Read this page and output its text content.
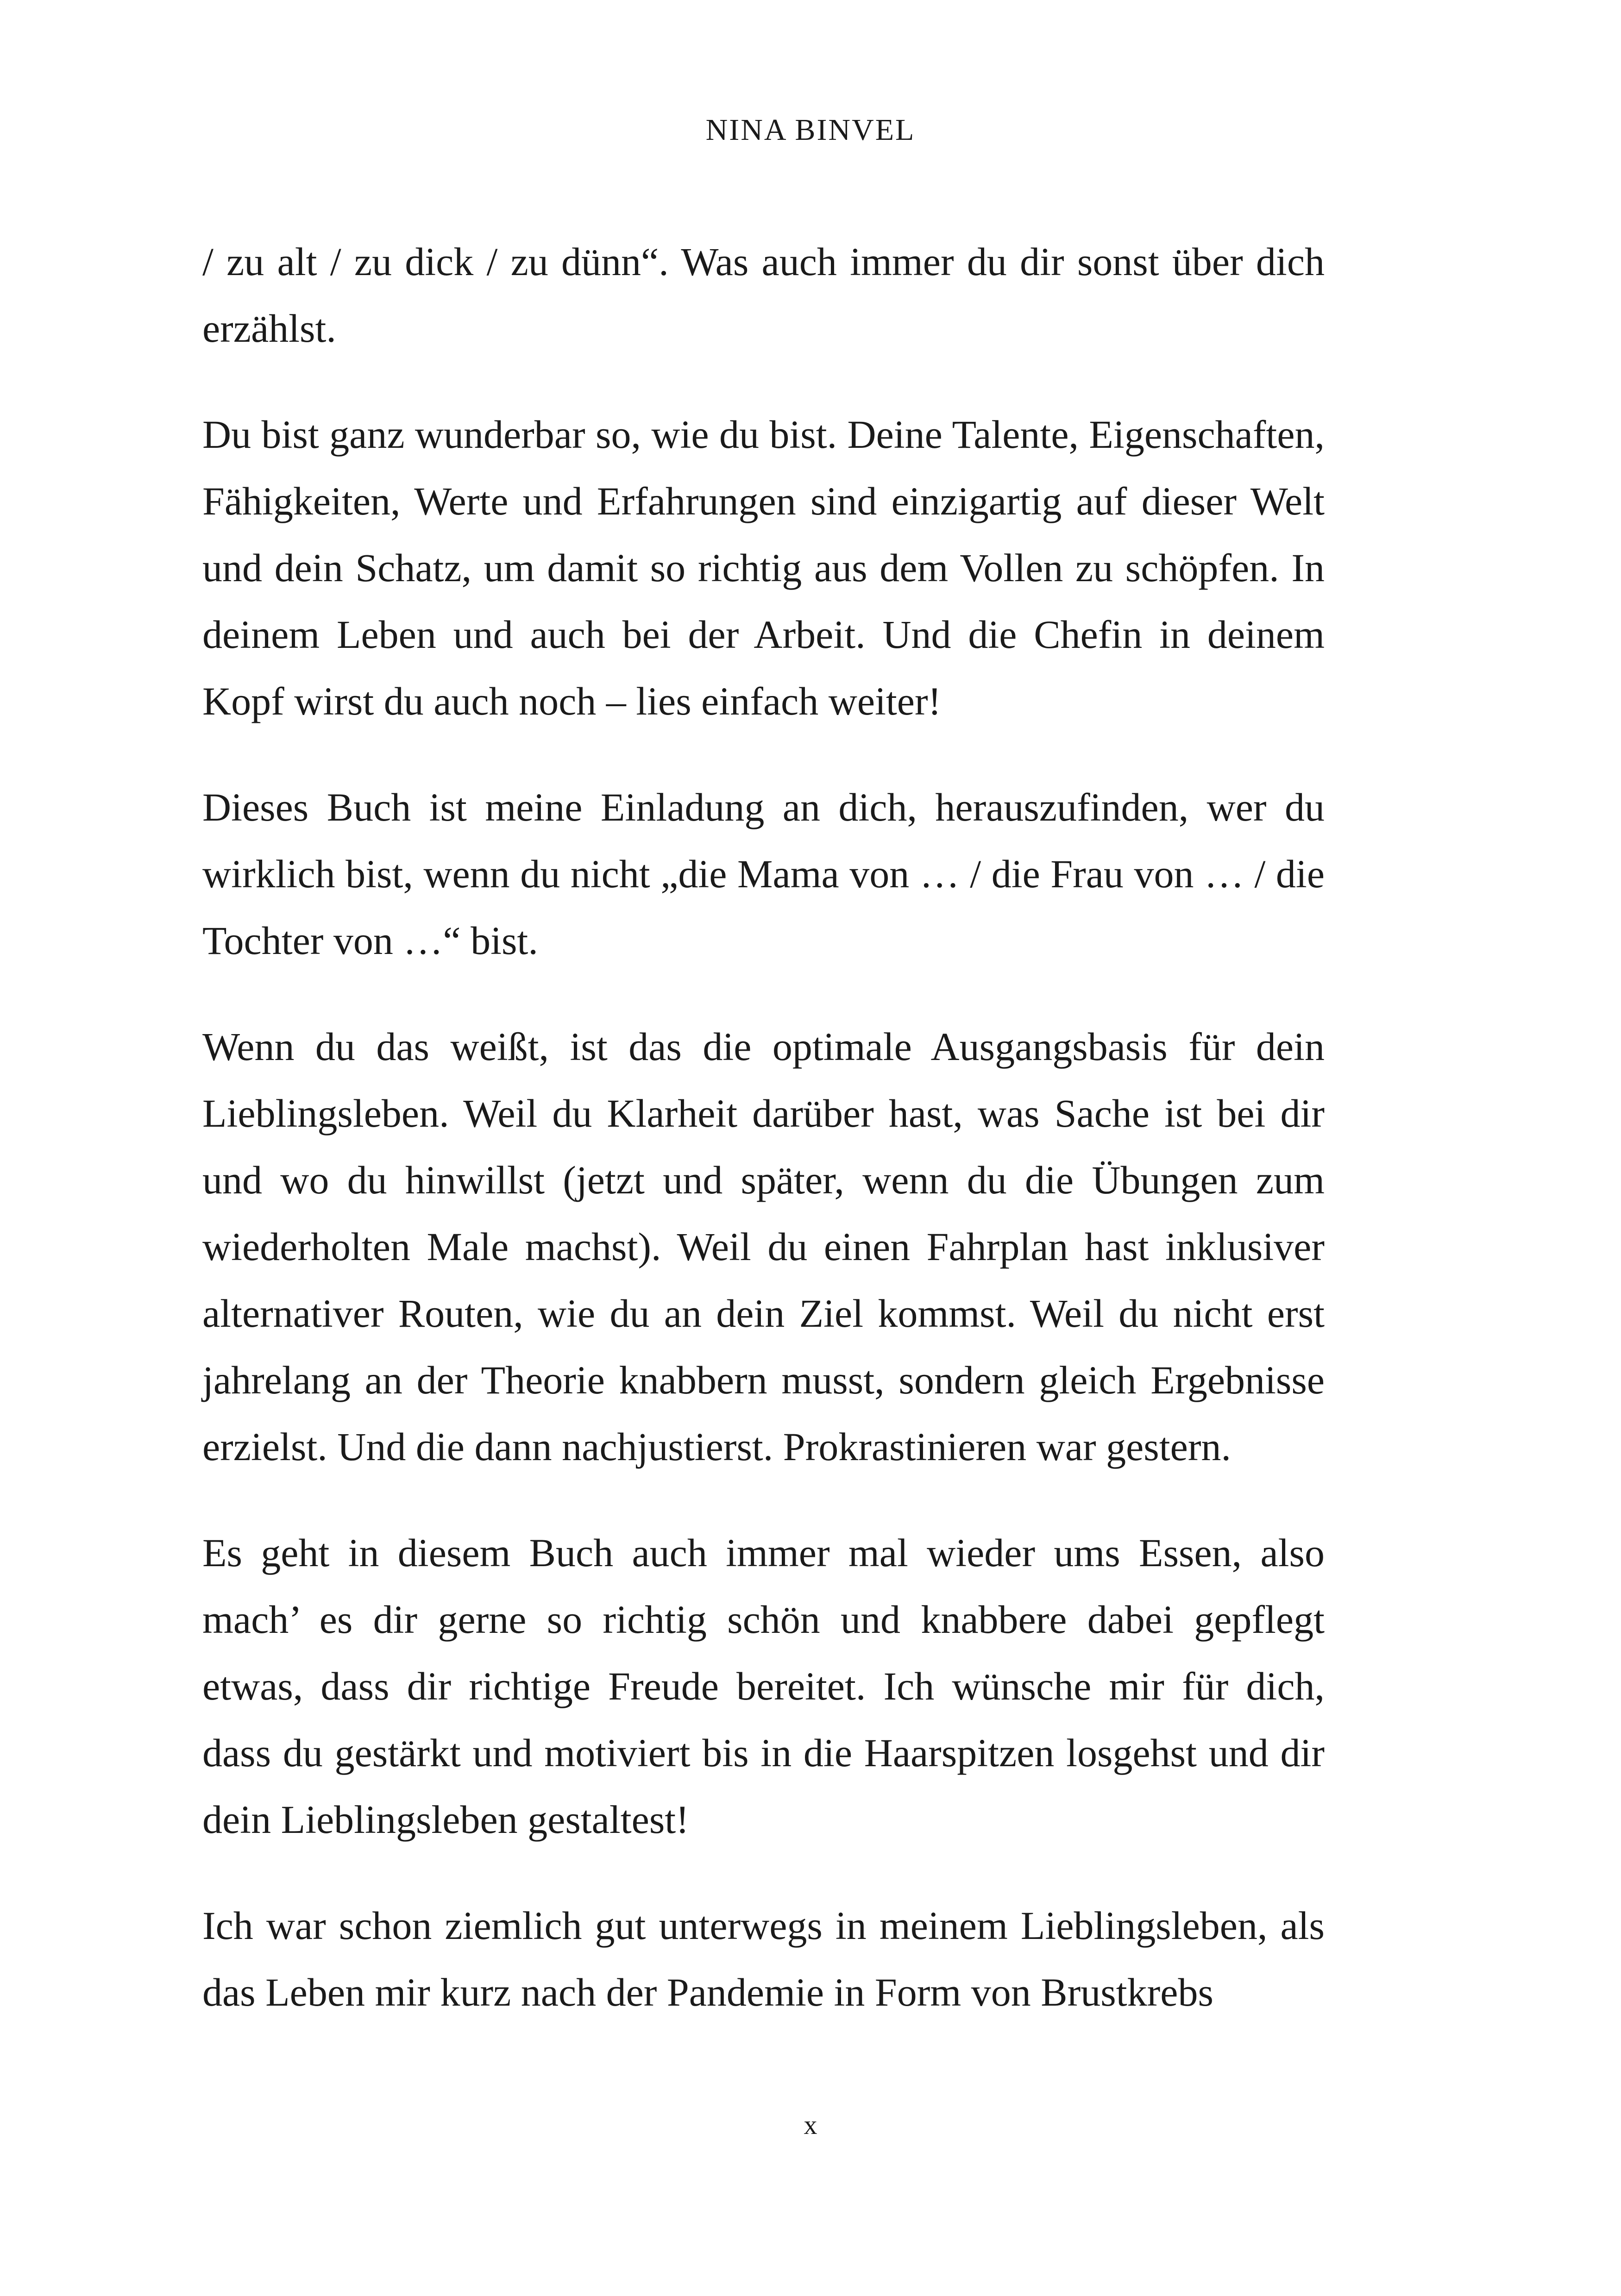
NINA BINVEL

/ zu alt / zu dick / zu dünn“. Was auch immer du dir sonst über dich erzählst.

Du bist ganz wunderbar so, wie du bist. Deine Talente, Eigenschaften, Fähigkeiten, Werte und Erfahrungen sind einzigartig auf dieser Welt und dein Schatz, um damit so richtig aus dem Vollen zu schöpfen. In deinem Leben und auch bei der Arbeit. Und die Chefin in deinem Kopf wirst du auch noch – lies einfach weiter!

Dieses Buch ist meine Einladung an dich, herauszufinden, wer du wirklich bist, wenn du nicht „die Mama von … / die Frau von … / die Tochter von …“ bist.

Wenn du das weißt, ist das die optimale Ausgangsbasis für dein Lieblingsleben. Weil du Klarheit darüber hast, was Sache ist bei dir und wo du hinwillst (jetzt und später, wenn du die Übungen zum wiederholten Male machst). Weil du einen Fahrplan hast inklusiver alternativer Routen, wie du an dein Ziel kommst. Weil du nicht erst jahrelang an der Theorie knabbern musst, sondern gleich Ergebnisse erzielst. Und die dann nachjustierst. Prokrastinieren war gestern.

Es geht in diesem Buch auch immer mal wieder ums Essen, also mach’ es dir gerne so richtig schön und knabbere dabei gepflegt etwas, dass dir richtige Freude bereitet. Ich wünsche mir für dich, dass du gestärkt und motiviert bis in die Haarspitzen losgehst und dir dein Lieblingsleben gestaltest!

Ich war schon ziemlich gut unterwegs in meinem Lieblingsleben, als das Leben mir kurz nach der Pandemie in Form von Brustkrebs

x
